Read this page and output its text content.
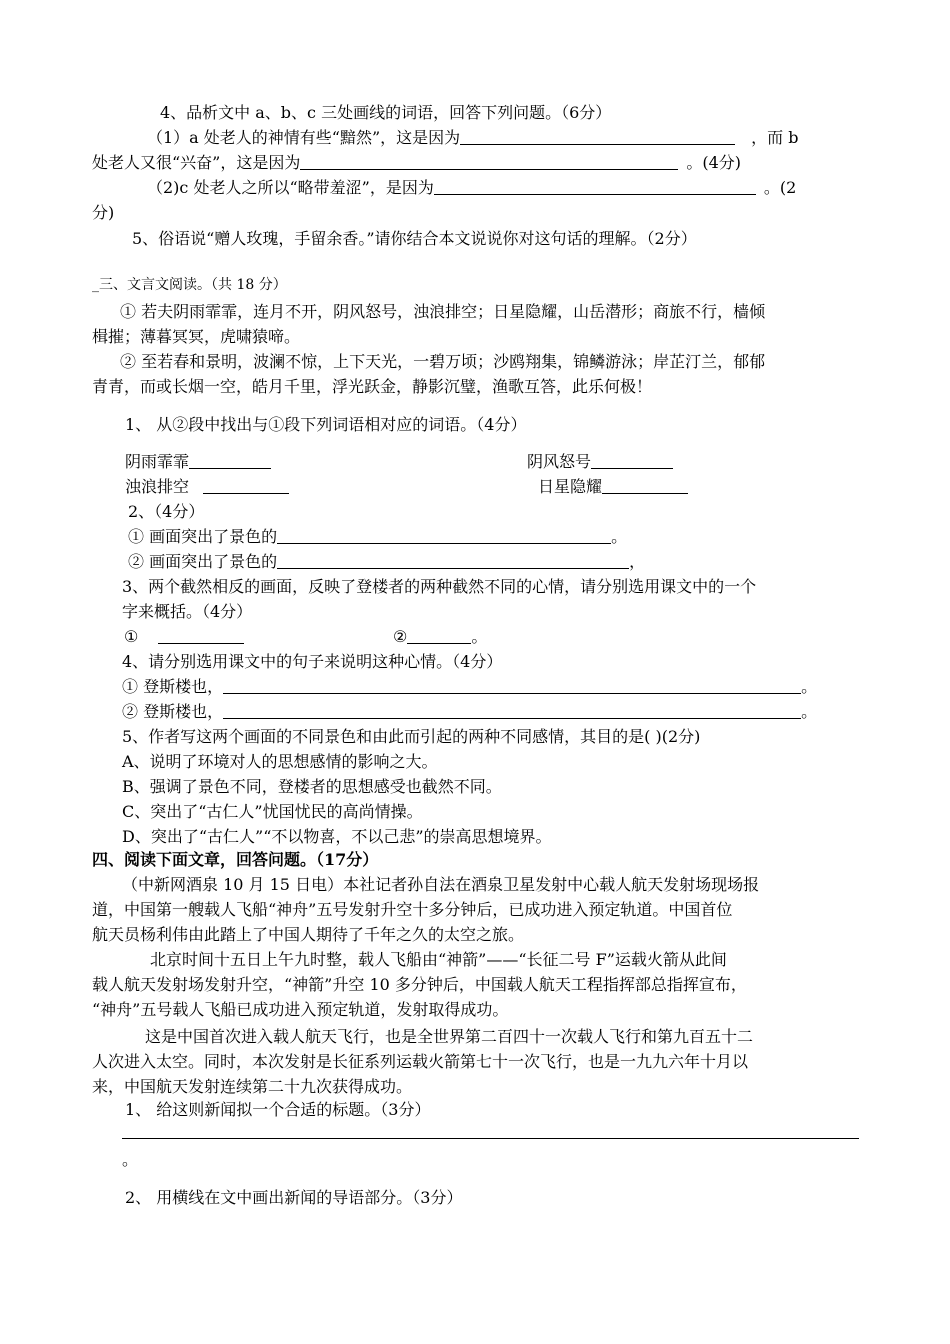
4、品析文中 a、b、c 三处画线的词语，回答下列问题。（6分）
（1）a 处老人的神情有些“黯然”，这是因为	，而 b
处老人又很“兴奋”，这是因为	。(4分)
（2)c 处老人之所以“略带羞涩”，是因为	。(2
分)
5、俗语说“赠人玫瑰，手留余香。”请你结合本文说说你对这句话的理解。（2分）
_三、文言文阅读。（共 18 分）
① 若夫阴雨霏霏，连月不开，阴风怒号，浊浪排空；日星隐耀，山岳潜形；商旅不行，樯倾
楫摧；薄暮冥冥，虎啸猿啼。
② 至若春和景明，波澜不惊，上下天光，一碧万顷；沙鸥翔集，锦鳞游泳；岸芷汀兰，郁郁
青青，而或长烟一空，皓月千里，浮光跃金，静影沉璧，渔歌互答，此乐何极！
1、 从②段中找出与①段下列词语相对应的词语。（4分）
阴雨霏霏	阴风怒号
浊浪排空	日星隐耀
2、（4分）
① 画面突出了景色的	。
② 画面突出了景色的	，
3、两个截然相反的画面，反映了登楼者的两种截然不同的心情，请分别选用课文中的一个
字来概括。（4分）
①	②	。
4、请分别选用课文中的句子来说明这种心情。（4分）
① 登斯楼也，	。
② 登斯楼也，	。
5、作者写这两个画面的不同景色和由此而引起的两种不同感情，其目的是( )(2分)
A、说明了环境对人的思想感情的影响之大。
B、强调了景色不同，登楼者的思想感受也截然不同。
C、突出了“古仁人”忧国忧民的高尚情操。
D、突出了“古仁人”“不以物喜，不以己悲”的崇高思想境界。
四、阅读下面文章，回答问题。（17分）
（中新网酒泉 10 月 15 日电）本社记者孙自法在酒泉卫星发射中心载人航天发射场现场报
道，中国第一艘载人飞船“神舟”五号发射升空十多分钟后，已成功进入预定轨道。中国首位
航天员杨利伟由此踏上了中国人期待了千年之久的太空之旅。
北京时间十五日上午九时整，载人飞船由“神箭”——“长征二号 F”运载火箭从此间
载人航天发射场发射升空，“神箭”升空 10 多分钟后，中国载人航天工程指挥部总指挥宣布，
“神舟”五号载人飞船已成功进入预定轨道，发射取得成功。
这是中国首次进入载人航天飞行，也是全世界第二百四十一次载人飞行和第九百五十二
人次进入太空。同时，本次发射是长征系列运载火箭第七十一次飞行，也是一九九六年十月以
来，中国航天发射连续第二十九次获得成功。
1、 给这则新闻拟一个合适的标题。（3分）
。
2、 用横线在文中画出新闻的导语部分。（3分）
